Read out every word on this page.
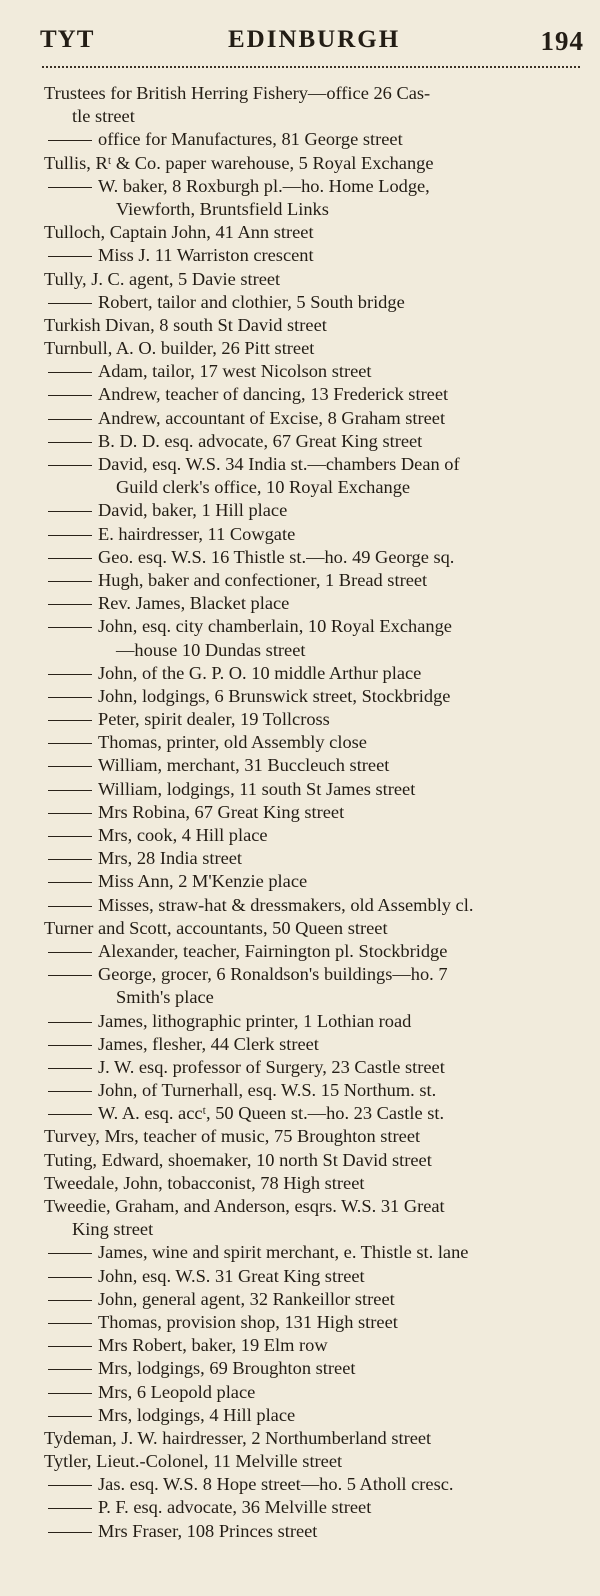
TYT	EDINBURGH	194
Trustees for British Herring Fishery—office 26 Cas-
tle street
office for Manufactures, 81 George street
Tullis, Rᵗ & Co. paper warehouse, 5 Royal Exchange
W. baker, 8 Roxburgh pl.—ho. Home Lodge,
Viewforth, Bruntsfield Links
Tulloch, Captain John, 41 Ann street
Miss J. 11 Warriston crescent
Tully, J. C. agent, 5 Davie street
Robert, tailor and clothier, 5 South bridge
Turkish Divan, 8 south St David street
Turnbull, A. O. builder, 26 Pitt street
Adam, tailor, 17 west Nicolson street
Andrew, teacher of dancing, 13 Frederick street
Andrew, accountant of Excise, 8 Graham street
B. D. D. esq. advocate, 67 Great King street
David, esq. W.S. 34 India st.—chambers Dean of
Guild clerk's office, 10 Royal Exchange
David, baker, 1 Hill place
E. hairdresser, 11 Cowgate
Geo. esq. W.S. 16 Thistle st.—ho. 49 George sq.
Hugh, baker and confectioner, 1 Bread street
Rev. James, Blacket place
John, esq. city chamberlain, 10 Royal Exchange
—house 10 Dundas street
John, of the G. P. O. 10 middle Arthur place
John, lodgings, 6 Brunswick street, Stockbridge
Peter, spirit dealer, 19 Tollcross
Thomas, printer, old Assembly close
William, merchant, 31 Buccleuch street
William, lodgings, 11 south St James street
Mrs Robina, 67 Great King street
Mrs, cook, 4 Hill place
Mrs, 28 India street
Miss Ann, 2 M'Kenzie place
Misses, straw-hat & dressmakers, old Assembly cl.
Turner and Scott, accountants, 50 Queen street
Alexander, teacher, Fairnington pl. Stockbridge
George, grocer, 6 Ronaldson's buildings—ho. 7
Smith's place
James, lithographic printer, 1 Lothian road
James, flesher, 44 Clerk street
J. W. esq. professor of Surgery, 23 Castle street
John, of Turnerhall, esq. W.S. 15 Northum. st.
W. A. esq. accᵗ, 50 Queen st.—ho. 23 Castle st.
Turvey, Mrs, teacher of music, 75 Broughton street
Tuting, Edward, shoemaker, 10 north St David street
Tweedale, John, tobacconist, 78 High street
Tweedie, Graham, and Anderson, esqrs. W.S. 31 Great
King street
James, wine and spirit merchant, e. Thistle st. lane
John, esq. W.S. 31 Great King street
John, general agent, 32 Rankeillor street
Thomas, provision shop, 131 High street
Mrs Robert, baker, 19 Elm row
Mrs, lodgings, 69 Broughton street
Mrs, 6 Leopold place
Mrs, lodgings, 4 Hill place
Tydeman, J. W. hairdresser, 2 Northumberland street
Tytler, Lieut.-Colonel, 11 Melville street
Jas. esq. W.S. 8 Hope street—ho. 5 Atholl cresc.
P. F. esq. advocate, 36 Melville street
Mrs Fraser, 108 Princes street
